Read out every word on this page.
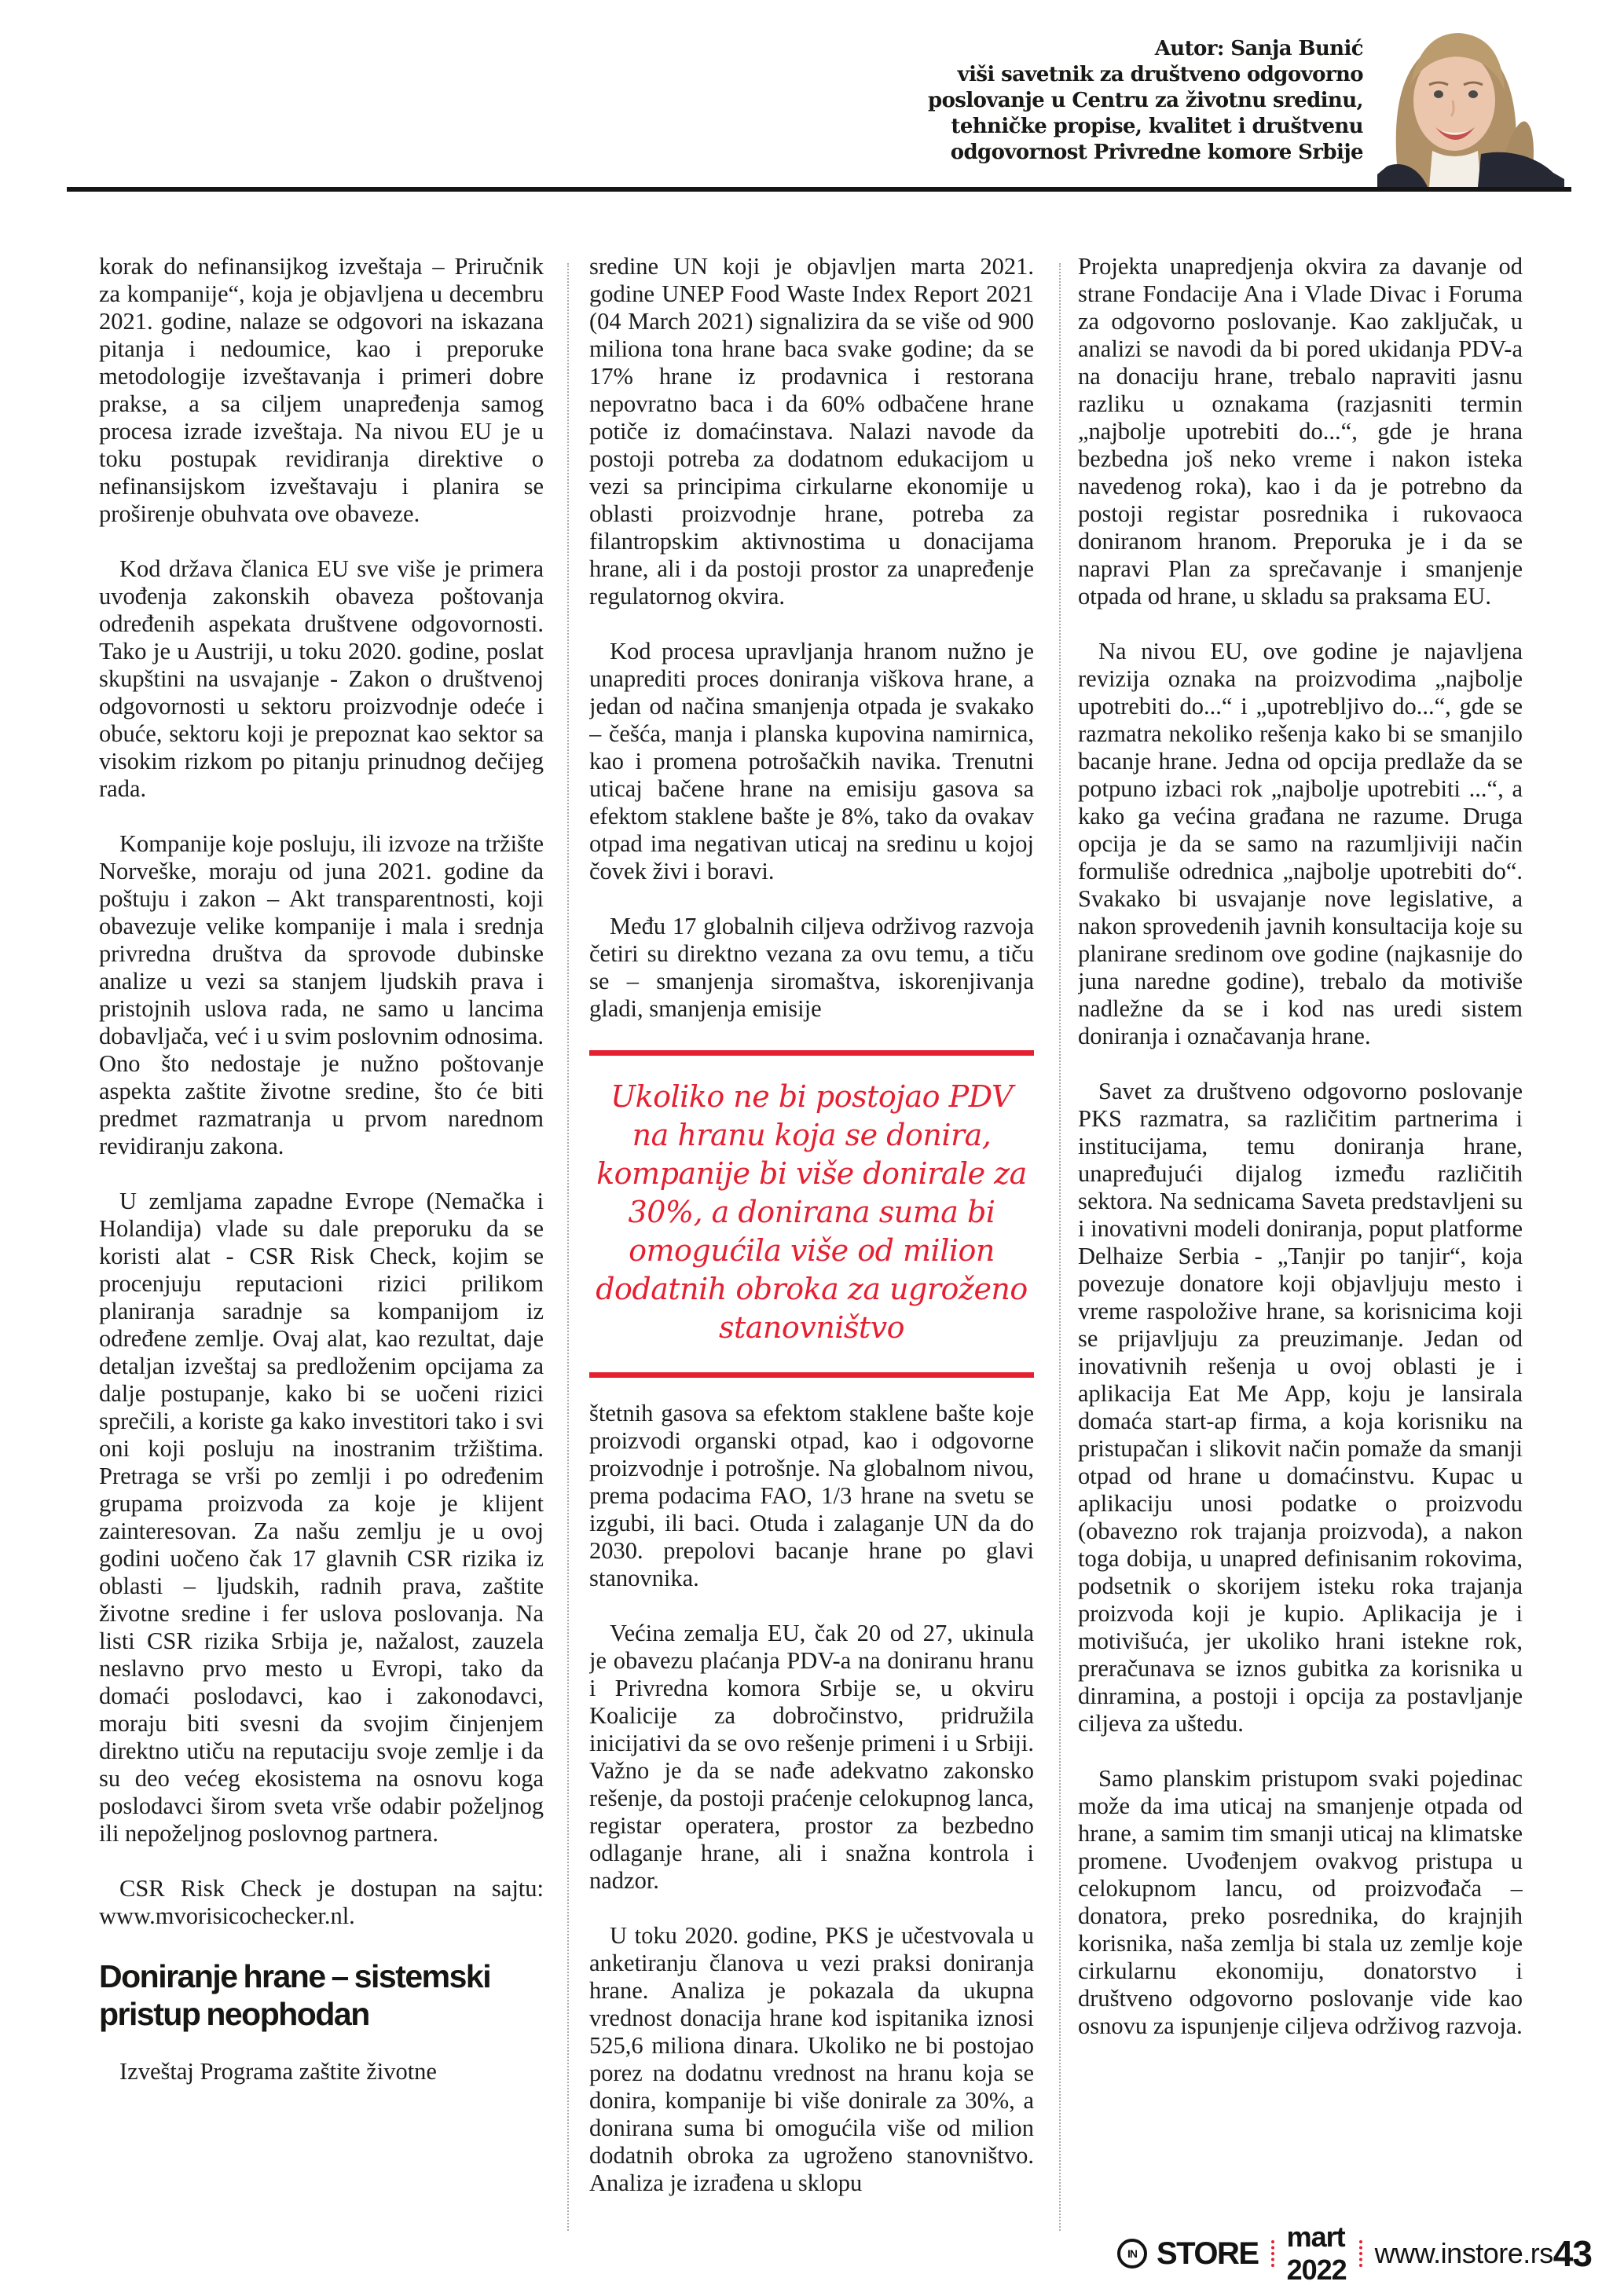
Autor: Sanja Bunić
viši savetnik za društveno odgovorno
poslovanje u Centru za životnu sredinu,
tehničke propise, kvalitet i društvenu
odgovornost Privredne komore Srbije

korak do nefinansijkog izveštaja – Priručnik za kompanije“, koja je objavljena u decembru 2021. godine, nalaze se odgovori na iskazana pitanja i nedoumice, kao i preporuke metodologije izveštavanja i primeri dobre prakse, a sa ciljem unapređenja samog procesa izrade izveštaja. Na nivou EU je u toku postupak revidiranja direktive o nefinansijskom izveštavaju i planira se proširenje obuhvata ove obaveze.

Kod država članica EU sve više je primera uvođenja zakonskih obaveza poštovanja određenih aspekata društvene odgovornosti. Tako je u Austriji, u toku 2020. godine, poslat skupštini na usvajanje - Zakon o društvenoj odgovornosti u sektoru proizvodnje odeće i obuće, sektoru koji je prepoznat kao sektor sa visokim rizkom po pitanju prinudnog dečijeg rada.

Kompanije koje posluju, ili izvoze na tržište Norveške, moraju od juna 2021. godine da poštuju i zakon – Akt transparentnosti, koji obavezuje velike kompanije i mala i srednja privredna društva da sprovode dubinske analize u vezi sa stanjem ljudskih prava i pristojnih uslova rada, ne samo u lancima dobavljača, već i u svim poslovnim odnosima. Ono što nedostaje je nužno poštovanje aspekta zaštite životne sredine, što će biti predmet razmatranja u prvom narednom revidiranju zakona.

U zemljama zapadne Evrope (Nemačka i Holandija) vlade su dale preporuku da se koristi alat - CSR Risk Check, kojim se procenjuju reputacioni rizici prilikom planiranja saradnje sa kompanijom iz određene zemlje. Ovaj alat, kao rezultat, daje detaljan izveštaj sa predloženim opcijama za dalje postupanje, kako bi se uočeni rizici sprečili, a koriste ga kako investitori tako i svi oni koji posluju na inostranim tržištima. Pretraga se vrši po zemlji i po određenim grupama proizvoda za koje je klijent zainteresovan. Za našu zemlju je u ovoj godini uočeno čak 17 glavnih CSR rizika iz oblasti – ljudskih, radnih prava, zaštite životne sredine i fer uslova poslovanja. Na listi CSR rizika Srbija je, nažalost, zauzela neslavno prvo mesto u Evropi, tako da domaći poslodavci, kao i zakonodavci, moraju biti svesni da svojim činjenjem direktno utiču na reputaciju svoje zemlje i da su deo većeg ekosistema na osnovu koga poslodavci širom sveta vrše odabir poželjnog ili nepoželjnog poslovnog partnera.

CSR Risk Check je dostupan na sajtu: www.mvorisicochecker.nl.

Doniranje hrane – sistemski pristup neophodan

Izveštaj Programa zaštite životne

sredine UN koji je objavljen marta 2021. godine UNEP Food Waste Index Report 2021 (04 March 2021) signalizira da se više od 900 miliona tona hrane baca svake godine; da se 17% hrane iz prodavnica i restorana nepovratno baca i da 60% odbačene hrane potiče iz domaćinstava. Nalazi navode da postoji potreba za dodatnom edukacijom u vezi sa principima cirkularne ekonomije u oblasti proizvodnje hrane, potreba za filantropskim aktivnostima u donacijama hrane, ali i da postoji prostor za unapređenje regulatornog okvira.

Kod procesa upravljanja hranom nužno je unaprediti proces doniranja viškova hrane, a jedan od načina smanjenja otpada je svakako – češća, manja i planska kupovina namirnica, kao i promena potrošačkih navika. Trenutni uticaj bačene hrane na emisiju gasova sa efektom staklene bašte je 8%, tako da ovakav otpad ima negativan uticaj na sredinu u kojoj čovek živi i boravi.

Među 17 globalnih ciljeva održivog razvoja četiri su direktno vezana za ovu temu, a tiču se – smanjenja siromaštva, iskorenjivanja gladi, smanjenja emisije

Ukoliko ne bi postojao PDV na hranu koja se donira, kompanije bi više donirale za 30%, a donirana suma bi omogućila više od milion dodatnih obroka za ugroženo stanovništvo

štetnih gasova sa efektom staklene bašte koje proizvodi organski otpad, kao i odgovorne proizvodnje i potrošnje. Na globalnom nivou, prema podacima FAO, 1/3 hrane na svetu se izgubi, ili baci. Otuda i zalaganje UN da do 2030. prepolovi bacanje hrane po glavi stanovnika.

Većina zemalja EU, čak 20 od 27, ukinula je obavezu plaćanja PDV-a na doniranu hranu i Privredna komora Srbije se, u okviru Koalicije za dobročinstvo, pridružila inicijativi da se ovo rešenje primeni i u Srbiji. Važno je da se nađe adekvatno zakonsko rešenje, da postoji praćenje celokupnog lanca, registar operatera, prostor za bezbedno odlaganje hrane, ali i snažna kontrola i nadzor.

U toku 2020. godine, PKS je učestvovala u anketiranju članova u vezi praksi doniranja hrane. Analiza je pokazala da ukupna vrednost donacija hrane kod ispitanika iznosi 525,6 miliona dinara. Ukoliko ne bi postojao porez na dodatnu vrednost na hranu koja se donira, kompanije bi više donirale za 30%, a donirana suma bi omogućila više od milion dodatnih obroka za ugroženo stanovništvo. Analiza je izrađena u sklopu

Projekta unapredjenja okvira za davanje od strane Fondacije Ana i Vlade Divac i Foruma za odgovorno poslovanje. Kao zaključak, u analizi se navodi da bi pored ukidanja PDV-a na donaciju hrane, trebalo napraviti jasnu razliku u oznakama (razjasniti termin „najbolje upotrebiti do...“, gde je hrana bezbedna još neko vreme i nakon isteka navedenog roka), kao i da je potrebno da postoji registar posrednika i rukovaoca doniranom hranom. Preporuka je i da se napravi Plan za sprečavanje i smanjenje otpada od hrane, u skladu sa praksama EU.

Na nivou EU, ove godine je najavljena revizija oznaka na proizvodima „najbolje upotrebiti do...“ i „upotrebljivo do...“, gde se razmatra nekoliko rešenja kako bi se smanjilo bacanje hrane. Jedna od opcija predlaže da se potpuno izbaci rok „najbolje upotrebiti ...“, a kako ga većina građana ne razume. Druga opcija je da se samo na razumljiviji način formuliše odrednica „najbolje upotrebiti do“. Svakako bi usvajanje nove legislative, a nakon sprovedenih javnih konsultacija koje su planirane sredinom ove godine (najkasnije do juna naredne godine), trebalo da motiviše nadležne da se i kod nas uredi sistem doniranja i označavanja hrane.

Savet za društveno odgovorno poslovanje PKS razmatra, sa različitim partnerima i institucijama, temu doniranja hrane, unapređujući dijalog između različitih sektora. Na sednicama Saveta predstavljeni su i inovativni modeli doniranja, poput platforme Delhaize Serbia - „Tanjir po tanjir“, koja povezuje donatore koji objavljuju mesto i vreme raspoložive hrane, sa korisnicima koji se prijavljuju za preuzimanje. Jedan od inovativnih rešenja u ovoj oblasti je i aplikacija Eat Me App, koju je lansirala domaća start-ap firma, a koja korisniku na pristupačan i slikovit način pomaže da smanji otpad od hrane u domaćinstvu. Kupac u aplikaciju unosi podatke o proizvodu (obavezno rok trajanja proizvoda), a nakon toga dobija, u unapred definisanim rokovima, podsetnik o skorijem isteku roka trajanja proizvoda koji je kupio. Aplikacija je i motivišuća, jer ukoliko hrani istekne rok, preračunava se iznos gubitka za korisnika u dinramina, a postoji i opcija za postavljanje ciljeva za uštedu.

Samo planskim pristupom svaki pojedinac može da ima uticaj na smanjenje otpada od hrane, a samim tim smanji uticaj na klimatske promene. Uvođenjem ovakvog pristupa u celokupnom lancu, od proizvođača – donatora, preko posrednika, do krajnjih korisnika, naša zemlja bi stala uz zemlje koje cirkularnu ekonomiju, donatorstvo i društveno odgovorno poslovanje vide kao osnovu za ispunjenje ciljeva održivog razvoja.

IN STORE mart 2022
www.instore.rs 43
